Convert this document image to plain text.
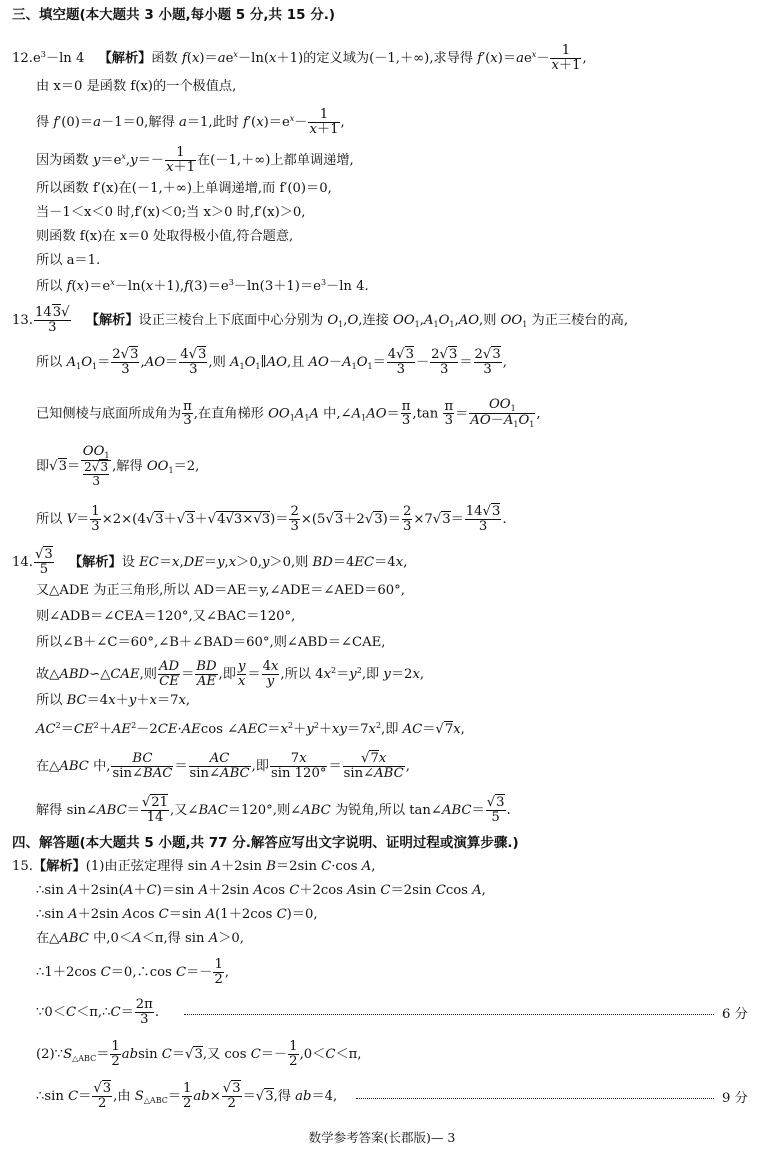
三、填空题(本大题共 3 小题,每小题 5 分,共 15 分.)
$12.e^3-\ln$ 4 【解析】函数 $f(x)=ae^x-\ln(x+1)$的定义域为(－1,＋∞),求导得 $f'(x)=ae^x- \frac{1}{x+1}$ ,
由 x＝0 是函数 f(x)的一个极值点,
得 f′(0)＝a－1＝0,解得 a＝1,此时 $f'(x)=e^x- \frac{1}{x+1}$ ,
因为函数 $y=e^x,y=- \frac{1}{x+1}$ 在(－1,＋∞)上都单调递增,
所以函数 f′(x)在(－1,＋∞)上单调递增,而 f′(0)＝0,
当－1＜x＜0 时,f′(x)＜0;当 x＞0 时,f′(x)＞0,
则函数 f(x)在 x＝0 处取得极小值,符合题意,
所以 a＝1.
所以 $f(x)=e^x-\ln(x+1),f(3)=e^3-\ln(3+1)=e^3-\ln$ 4.
13. $\frac{143√}{3}$ 【解析】设正三棱台上下底面中心分别为 $O_1,O$,连接 $OO_1,A_1O_1,AO$,则 $OO_1$ 为正三棱台的高,
所以 $A_1O_1= \frac{2√3}{3} ,AO= \frac{4√3}{3}$ ,则 $A_1O_1\parallel AO$,且 $AO-A_1O_1= \frac{4√3}{3} - \frac{2√3}{3} = \frac{2√3}{3}$ ,
已知侧棱与底面所成角为 $\frac{\pi}{3}$ ,在直角梯形 $OO_1A_1A$ 中$,\angle A_1AO= \frac{\pi}{3} ,\tan \frac{\pi}{3} = \frac{OO_1}{AO-A_1O_1}$ ,
即$√3= \frac{OO_1}{\frac{2√3}{3}}$ ,解得 $OO_1=2$,
所以 $V= \frac{1}{3} \times 2\times(4√3+√3+√4√3\times√3)= \frac{2}{3} \times(5√3+2√3)= \frac{2}{3} \times 7√3= \frac{14√3}{3}$ .
14. $\frac{√3}{5}$ 【解析】设 EC＝x,DE＝y,x＞0,y＞0,则 BD＝4EC＝4x,
又△ADE 为正三角形,所以 AD＝AE＝y,∠ADE＝∠AED＝60°,
则∠ADB＝∠CEA＝120°,又∠BAC＝120°,
所以∠B＋∠C＝60°,∠B＋∠BAD＝60°,则∠ABD＝∠CAE,
故△ABD∽△CAE,则 $\frac{AD}{CE} = \frac{BD}{AE}$ ,即 $\frac{y}{x} = \frac{4x}{y}$ ,所以 $4x^2=y^2$,即 y＝2x,
所以 BC＝4x＋y＋x＝7x,
$AC^2=CE^2+AE^2-2CE\cdot AEcos$ $\angle AEC=x^2+y^2+xy=7x^2$,即 AC＝√7x,
在△ABC 中,
BC
sin∠BAC ＝
AC
sin∠ABC ,即 $\frac{7x}{\sin 120^\circ}$ ＝
√7x
sin∠ABC ,
解得 sin∠ABC＝ $\frac{√21}{14}$ ,又∠BAC＝120°,则∠ABC 为锐角,所以 tan∠ABC＝ $\frac{√3}{5}$ .
四、解答题(本大题共 5 小题,共 77 分.解答应写出文字说明、证明过程或演算步骤.)
15.【解析】(1)由正弦定理得 sin A＋2sin B＝2sin C·cos A,
∴sin A＋2sin(A＋C)＝sin A＋2sin Acos C＋2cos Asin C＝2sin Ccos A,
∴sin A＋2sin Acos C＝sin A(1＋2cos C)＝0,
在△ABC 中,0＜A＜π,得 sin A＞0,
∴1＋2cos C＝0,∴cos $C=- \frac{1}{2}$ ,
∵0＜C＜π,∴C＝ $\frac{2\pi}{3}$ .	6 分
$(2)\because S_{\triangle ABC}= \frac{1}{2}$ absin C＝√3,又 $\cos C=- \frac{1}{2} ,0<C<\pi$,
∴sin $C= \frac{√3}{2}$ ,由 $S_{\triangle ABC}= \frac{1}{2} ab\times \frac{√3}{2} =√3$,得 ab＝4,	9 分
数学参考答案(长郡版)— 3
